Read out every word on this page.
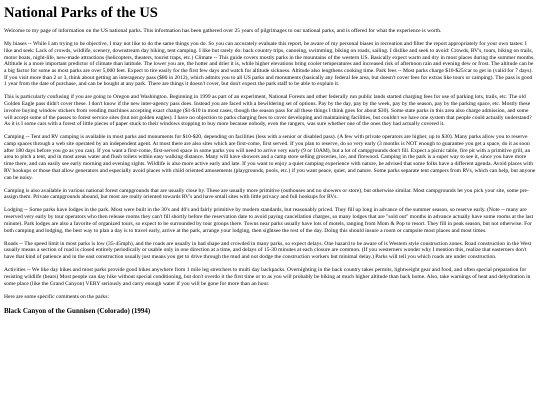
National Parks of the US

Welcome to my page of information on the US national parks. This information has been gathered over 25 years of pilgrimages to our national parks, and is offered for what the experience is worth.

My biases -- While I am trying to be objective, I may not like to do the same things you do. So you can accurately evaluate this report, be aware of my personal biases in recreation and filter the report appropriately for your own tastes: I like and seek: Lack of crowds, wildlife, scenery, downstream day hiking, tent camping. I like but rarely do: back country trips, canoeing, swimming, biking on roads, sailing. I dislike and seek to avoid: Crowds, RV's, tours, biking on trails, motor boats, night-life, new-made attractions (helicopters, theaters, tourist traps, etc.) Climate -- This guide covers mostly parks in the mountains of the western US. Basically expect warm and dry in most places during the summer months. Altitude is a more important predictor of climate than latitude. The lower you are, the hotter and drier it is, while higher elevations bring cooler temperatures and increased risk of afternoon rain and evening dew or frost. The altitude can be a big factor for some as most parks are over 5,000 feet. Expect to tire easily for the first few days and watch for altitude sickness. Altitude also lengthens cooking time. Park fees -- Most parks charge $10-$25/car to get in (valid for 7 days). If you visit more than 2 or 3, think about getting an interagency pass ($80 in 2012), which admits you to all US parks and monuments (basically any federal fee area, but doesn't cover fees for extras like tours or camping). The pass is good 1 year from the date of purchase, and can be bought at any park. There are things it doesn't cover, but don't expect the park staff to be able to explain it.

This is particularly confusing if you are going to Oregon and Washington. Beginning in 1999 as part of an experiment, National Forests and other federally run public lands started charging fees for use of parking lots, trails, etc. The old Golden Eagle pass didn't cover these. I don't know if the new inter-agency pass does. Instead you are faced with a bewildering set of options. Pay by the day, pay by the week, pay by the season, pay by the parking space, etc. Mostly these involve buying window stickers from vending machines accepting exact change ($1-$10 in most cases, though the season pass for all these things I think goes for about $30). Some state parks in this area also charge admission, and some will accept some of the passes to forest service sites (but not golden eagles). I have no objection to parks charging fees to cover developing and maintaining facilities, but couldn't we have one system that people could actually understand? As it is I some cars with a forest of little pieces of paper stuck to their windows stopping to buy more because nobody, even the rangers, was sure whether one of the ones they had actually covered it.

Camping -- Tent and RV camping is available in most parks and monuments for $10-$20, depending on facilities (less with a senior or disabled pass). (A few with private operators are higher, up to $30). Many parks allow you to reserve camp spaces through a web site operated by an independent agent. At most there are also sites which are first-come, first served. If you plan to reserve, do so very early (3 months is NOT enough to guarantee you get a space, do it as soon after 180 days before you go as you can). If you want a first-come, first-served space in some parks you will need to arrive very early (9 or 10AM), but a lot of campgrounds don't fill. Expect a picnic table, fire pit with a primitive grill, an area to pitch a tent, and in most areas water and flush toilets within easy walking distance. Many will have showers and a camp store selling groceries, ice, and firewood. Camping in the park is a super way to see it, since you have more time there, and can easily see early morning and evening sights. Wildlife is also more active early and late. If you want to enjoy a quiet camping experience with nature, be advised that some folks have a different agenda. Avoid places with RV hookups or those that allow generators and especially avoid places with child oriented amusements (playgrounds, pools, etc.) if you want peace, quiet, and nature. Some parks separate tent campers from RVs, which can help, but anyone can be noisy.

Camping is also available in various national forest campgrounds that are usually close by. These are usually more primitive (outhouses and no showers or store), but otherwise similar. Most campgrounds let you pick your site, some pre-assign them. Private campgrounds abound, but most are really oriented towards RV's and have small sites with little privacy and full hookups for RVs.

Lodging -- Some parks have lodges in the park. Most were built in the 30's and 40's and fairly primitive by modern standards, but reasonably priced. They fill up long in advance of the summer season, so reserve early. (Note -- many are reserved very early by tour operators who then release rooms they can't fill shortly before the reservation date to avoid paying cancellation charges, so many lodges that are "sold out" months in advance actually have some rooms at the last minute). Park lodges are also a favorite of organized tours, so expect to be surrounded by tour groups there. Towns near parks usually have lots of motels, ranging from Mom & Pop to resort. They fill in peak season, but not otherwise. For both camping and lodging, the best way to plan a day is to travel early, arrive at the park, arrange your lodging, then sightsee the rest of the day. Doing this should insure a room or campsite most places and most times.

Roads -- The speed limit in most parks is low (35-45mph), and the roads are usually in bad shape and crowded in many parks, so expect delays. One hazard to be aware of is Western style construction zones. Road construction in the West usually means a section of road is closed entirely periodically or usable only in one direction at a time, and delays of 15-30 minutes at each closure are common. (If you westerners wonder why I mention this, realize that easterners don't have that kind of patience and in the east construction usually just means you get to drive through the mud and not dodge the construction workers but minimal delay.) Parks will tell you which roads are under construction.

Activities -- We like day hikes and most parks provide good hikes anywhere from 1 mile leg stretchers to multi day backpacks. Overnighting in the back country takes permits, lightweight gear and food, and often special preparation for resisting wildlife (bears) Most people can day hike without special conditioning, but don't overdo it the first time or to as you will probably be hiking at much higher altitude than back home. Also, take warnings of heat and dehydration in some place (like the Grand Canyon) VERY seriously and carry enough water if you will be gone for more than an hour.

Here are some specific comments on the parks:

Black Canyon of the Gunnisen (Colorado) (1994)
